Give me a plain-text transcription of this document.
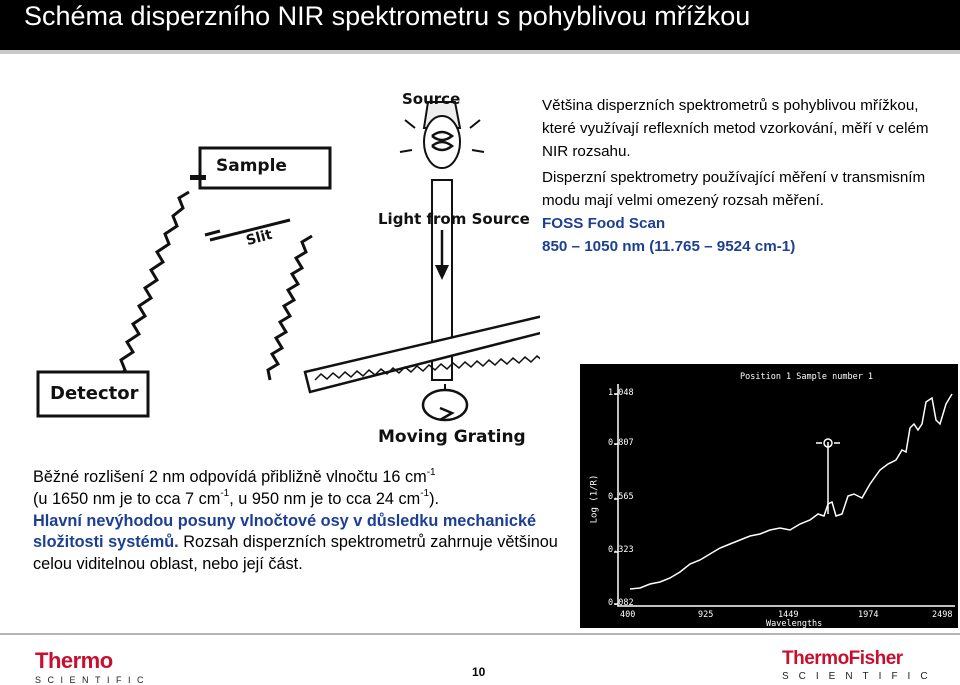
Schéma disperzního NIR spektrometru s pohyblivou mřížkou
Source
Sample
Slit
Light from Source
Detector
Moving Grating

Většina disperzních spektrometrů s pohyblivou mřížkou, které využívají reflexních metod vzorkování, měří v celém NIR rozsahu.

Disperzní spektrometry používající měření v transmisním modu mají velmi omezený rozsah měření.

FOSS Food Scan

850 – 1050 nm (11.765 – 9524 cm-1)

Position 1 Sample number 1
Log (1/R)
1.048
0.807
0.565
0.323
0.082
400	925	1449	1974	2498
Wavelengths

Běžné rozlišení 2 nm odpovídá přibližně vlnočtu 16 $cm^{-1}$

(u 1650 nm je to cca 7 $cm^{-1}$, u 950 nm je to cca 24 $cm^{-1}$).

Hlavní nevýhodou posuny vlnočtové osy v důsledku mechanické složitosti systémů. Rozsah disperzních spektrometrů zahrnuje většinou celou viditelnou oblast, nebo její část.

Thermo
SCIENTIFIC
10
ThermoFisher
SCIENTIFIC
